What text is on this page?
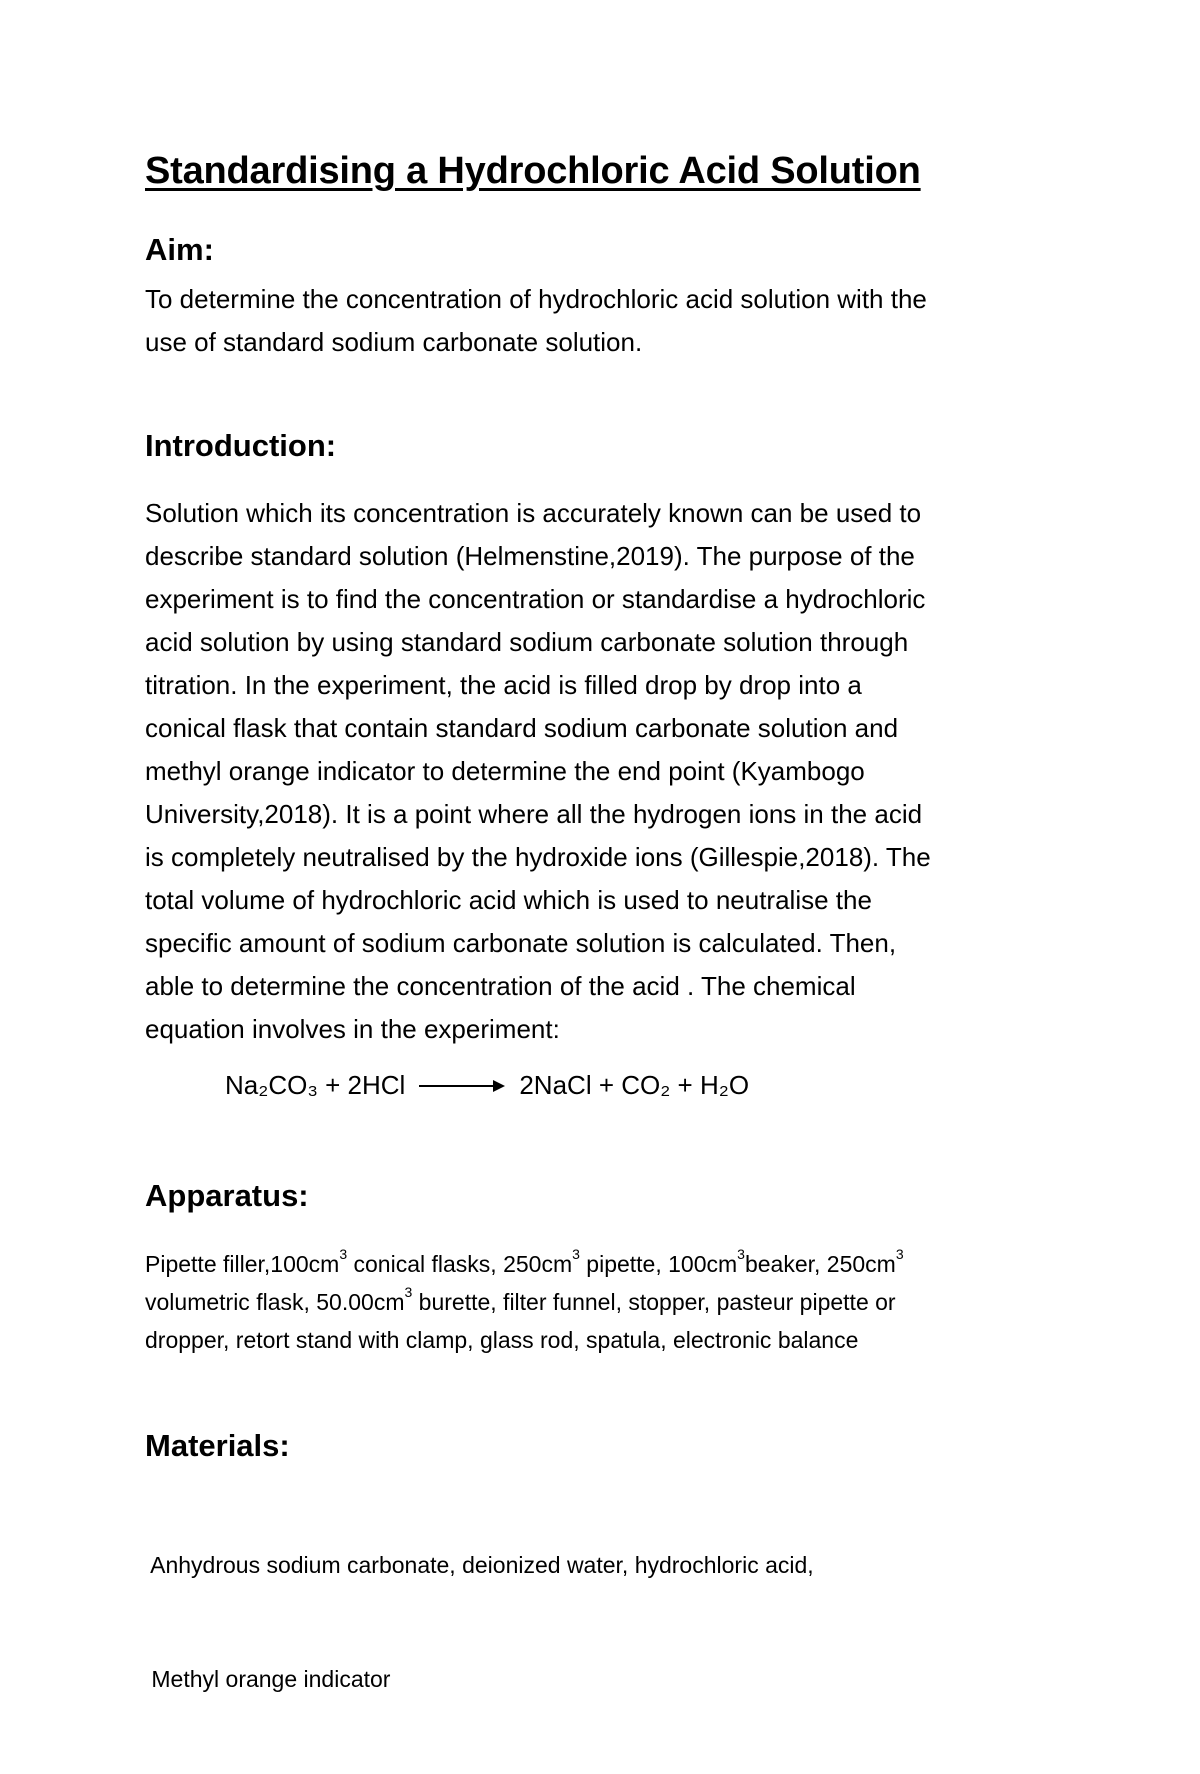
Standardising a Hydrochloric Acid Solution
Aim:
To determine the concentration of hydrochloric acid solution with the
use of standard sodium carbonate solution.
Introduction:
Solution which its concentration is accurately known can be used to
describe standard solution (Helmenstine,2019). The purpose of the
experiment is to find the concentration or standardise a hydrochloric
acid solution by using standard sodium carbonate solution through
titration. In the experiment, the acid is filled drop by drop into a
conical flask that contain standard sodium carbonate solution and
methyl orange indicator to determine the end point (Kyambogo
University,2018). It is a point where all the hydrogen ions in the acid
is completely neutralised by the hydroxide ions (Gillespie,2018). The
total volume of hydrochloric acid which is used to neutralise the
specific amount of sodium carbonate solution is calculated. Then,
able to determine the concentration of the acid . The chemical
equation involves in the experiment:
Na₂CO₃ + 2HCl → 2NaCl + CO₂ + H₂O
Apparatus:
Pipette $filler,100cm^3$ conical flasks, $250cm^3$ pipette, $100cm^3beaker$, $250cm^3$
volumetric flask, $50.00cm^3$ burette, filter funnel, stopper, pasteur pipette or
dropper, retort stand with clamp, glass rod, spatula, electronic balance
Materials:

Anhydrous sodium carbonate, deionized water, hydrochloric acid,

Methyl orange indicator
